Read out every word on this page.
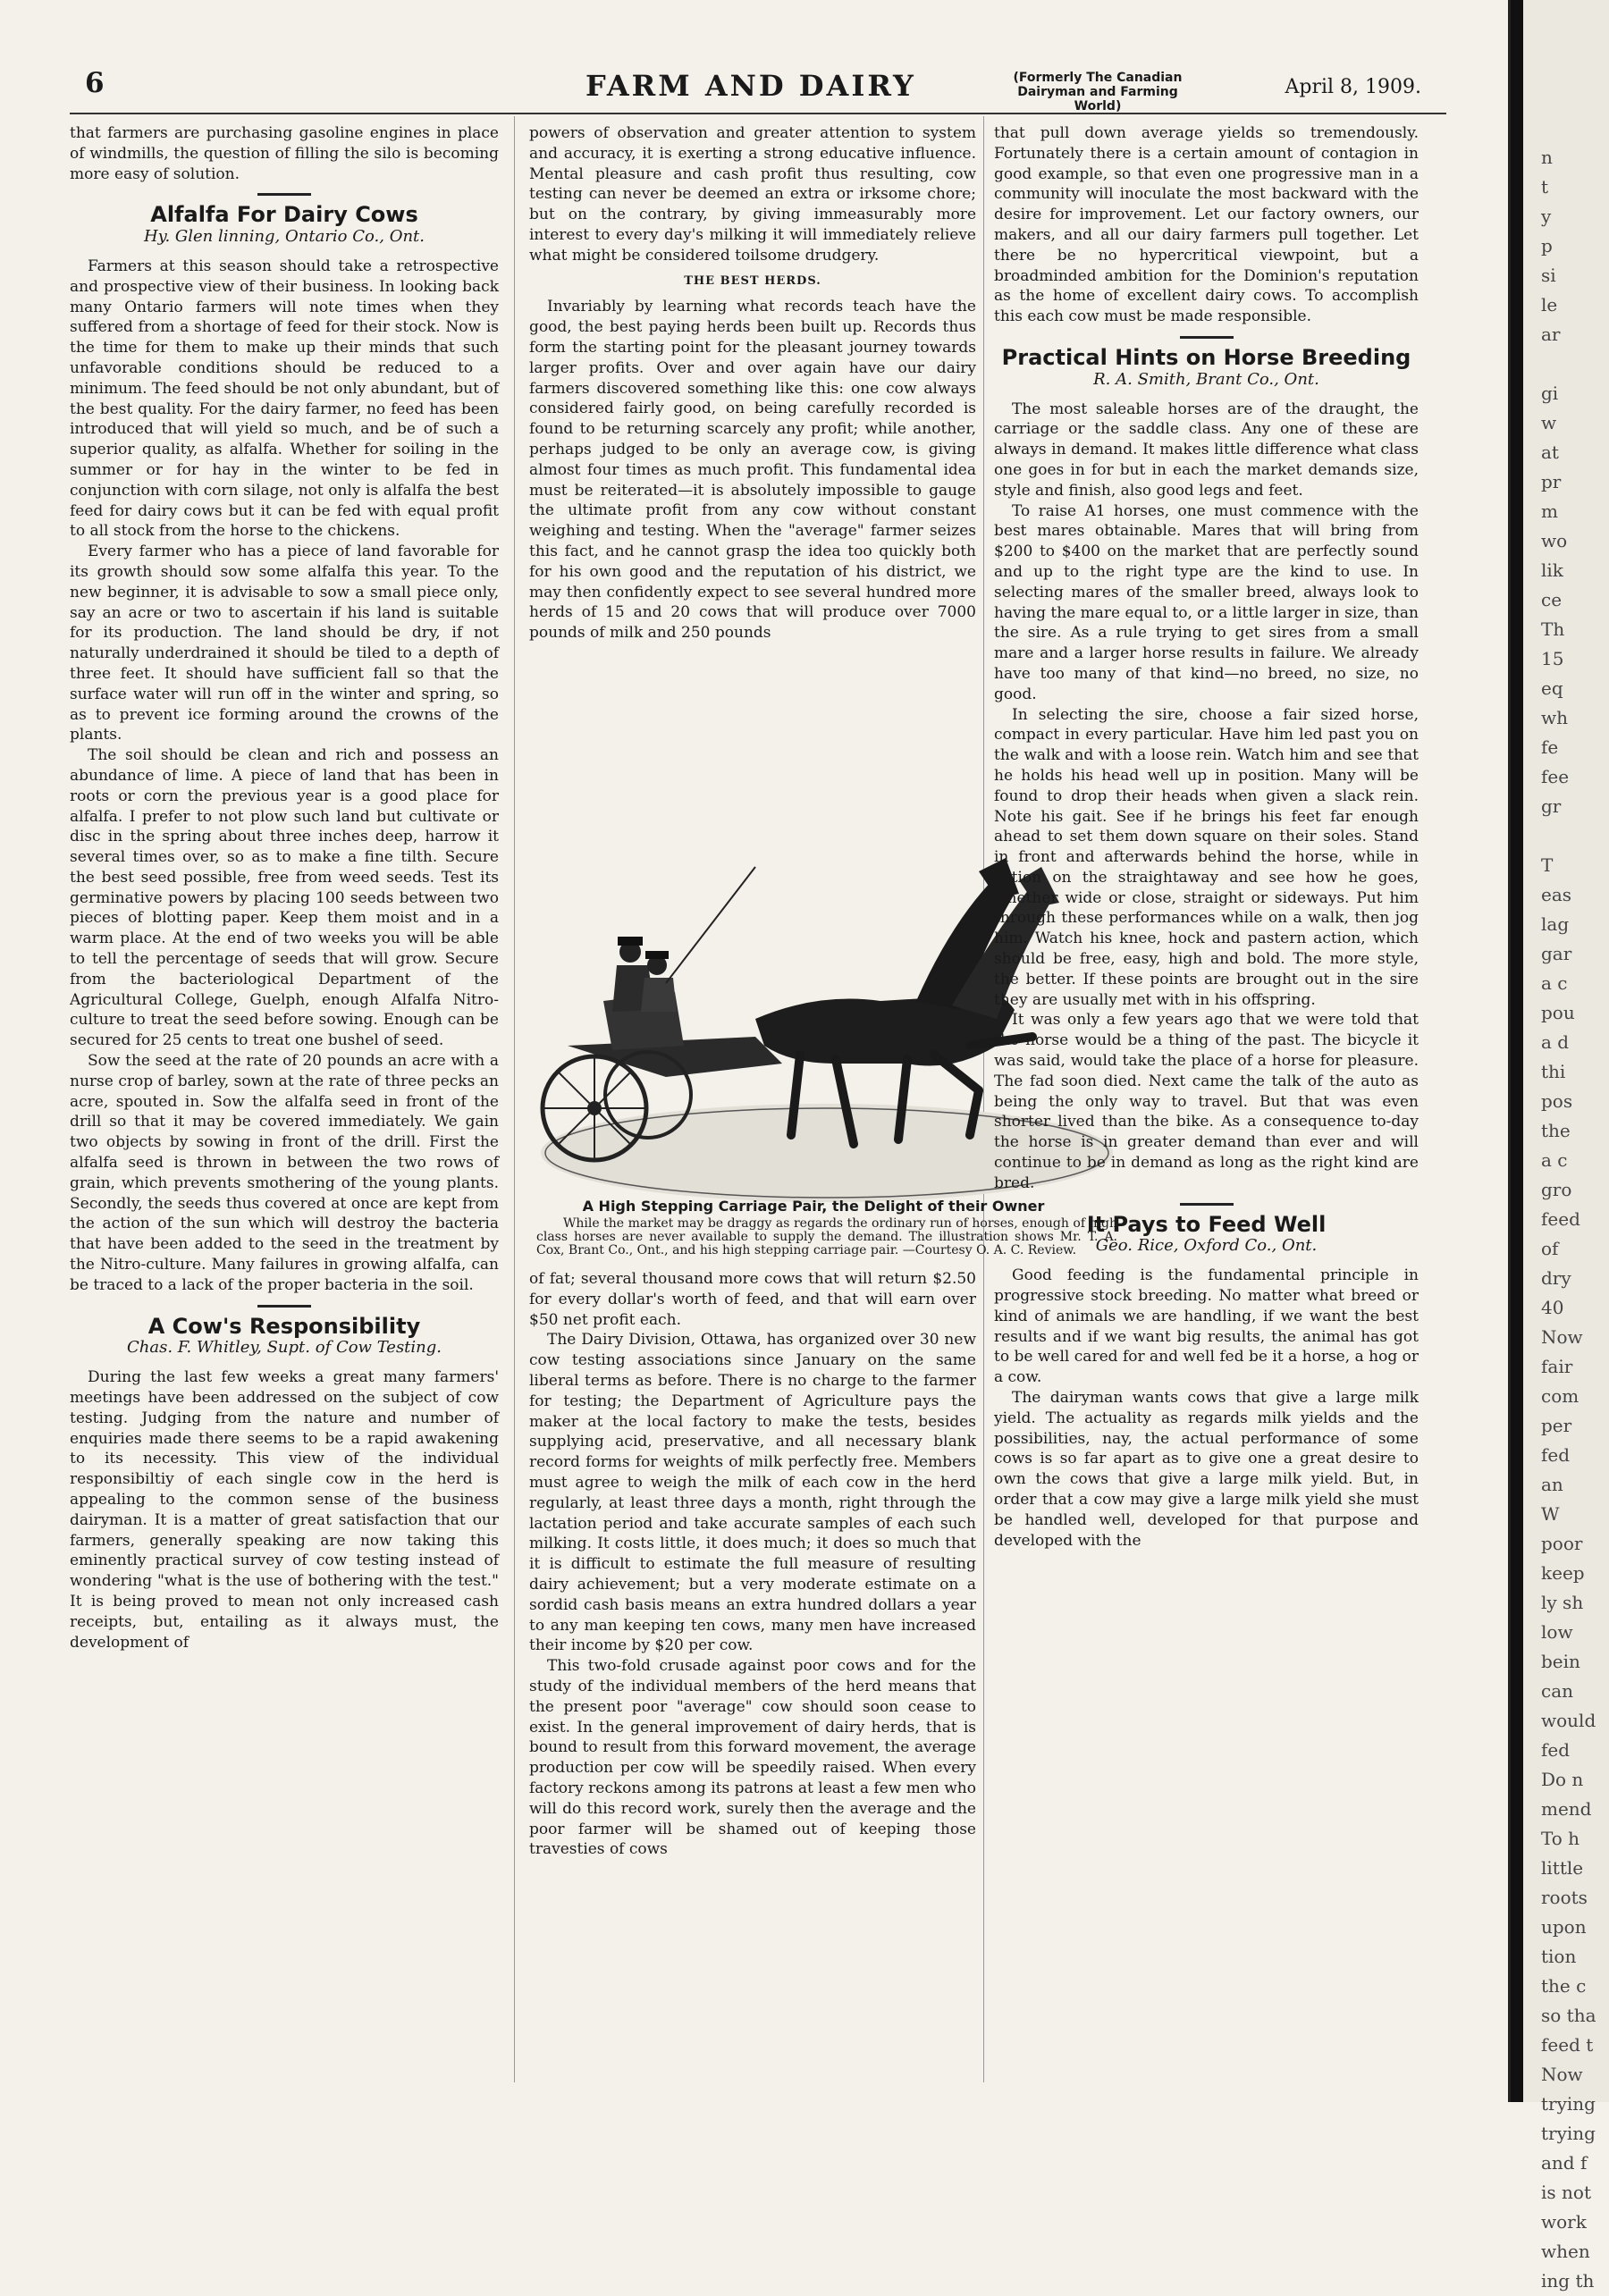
6	FARM AND DAIRY	(Formerly The Canadian Dairyman and Farming World)
April 8, 1909.

that farmers are purchasing gasoline engines in place of windmills, the question of filling the silo is becoming more easy of solution.

Alfalfa For Dairy Cows
Hy. Glen linning, Ontario Co., Ont.

Farmers at this season should take a retrospective and prospective view of their business. In looking back many Ontario farmers will note times when they suffered from a shortage of feed for their stock. Now is the time for them to make up their minds that such unfavorable conditions should be reduced to a minimum. The feed should be not only abundant, but of the best quality. For the dairy farmer, no feed has been introduced that will yield so much, and be of such a superior quality, as alfalfa. Whether for soiling in the summer or for hay in the winter to be fed in conjunction with corn silage, not only is alfalfa the best feed for dairy cows but it can be fed with equal profit to all stock from the horse to the chickens.

Every farmer who has a piece of land favorable for its growth should sow some alfalfa this year. To the new beginner, it is advisable to sow a small piece only, say an acre or two to ascertain if his land is suitable for its production. The land should be dry, if not naturally underdrained it should be tiled to a depth of three feet. It should have sufficient fall so that the surface water will run off in the winter and spring, so as to prevent ice forming around the crowns of the plants.

The soil should be clean and rich and possess an abundance of lime. A piece of land that has been in roots or corn the previous year is a good place for alfalfa. I prefer to not plow such land but cultivate or disc in the spring about three inches deep, harrow it several times over, so as to make a fine tilth. Secure the best seed possible, free from weed seeds. Test its germinative powers by placing 100 seeds between two pieces of blotting paper. Keep them moist and in a warm place. At the end of two weeks you will be able to tell the percentage of seeds that will grow. Secure from the bacteriological Department of the Agricultural College, Guelph, enough Alfalfa Nitro-culture to treat the seed before sowing. Enough can be secured for 25 cents to treat one bushel of seed.

Sow the seed at the rate of 20 pounds an acre with a nurse crop of barley, sown at the rate of three pecks an acre, spouted in. Sow the alfalfa seed in front of the drill so that it may be covered immediately. We gain two objects by sowing in front of the drill. First the alfalfa seed is thrown in between the two rows of grain, which prevents smothering of the young plants. Secondly, the seeds thus covered at once are kept from the action of the sun which will destroy the bacteria that have been added to the seed in the treatment by the Nitro-culture. Many failures in growing alfalfa, can be traced to a lack of the proper bacteria in the soil.

A Cow's Responsibility
Chas. F. Whitley, Supt. of Cow Testing.

During the last few weeks a great many farmers' meetings have been addressed on the subject of cow testing. Judging from the nature and number of enquiries made there seems to be a rapid awakening to its necessity. This view of the individual responsibiltiy of each single cow in the herd is appealing to the common sense of the business dairyman. It is a matter of great satisfaction that our farmers, generally speaking are now taking this eminently practical survey of cow testing instead of wondering "what is the use of bothering with the test." It is being proved to mean not only increased cash receipts, but, entailing as it always must, the development of

powers of observation and greater attention to system and accuracy, it is exerting a strong educative influence. Mental pleasure and cash profit thus resulting, cow testing can never be deemed an extra or irksome chore; but on the contrary, by giving immeasurably more interest to every day's milking it will immediately relieve what might be considered toilsome drudgery.

THE BEST HERDS.

Invariably by learning what records teach have the good, the best paying herds been built up. Records thus form the starting point for the pleasant journey towards larger profits. Over and over again have our dairy farmers discovered something like this: one cow always considered fairly good, on being carefully recorded is found to be returning scarcely any profit; while another, perhaps judged to be only an average cow, is giving almost four times as much profit. This fundamental idea must be reiterated—it is absolutely impossible to gauge the ultimate profit from any cow without constant weighing and testing. When the "average" farmer seizes this fact, and he cannot grasp the idea too quickly both for his own good and the reputation of his district, we may then confidently expect to see several hundred more herds of 15 and 20 cows that will produce over 7000 pounds of milk and 250 pounds

A High Stepping Carriage Pair, the Delight of their Owner
While the market may be draggy as regards the ordinary run of horses, enough of high class horses are never available to supply the demand. The illustration shows Mr. T. A. Cox, Brant Co., Ont., and his high stepping carriage pair. —Courtesy O. A. C. Review.

of fat; several thousand more cows that will return $2.50 for every dollar's worth of feed, and that will earn over $50 net profit each.

The Dairy Division, Ottawa, has organized over 30 new cow testing associations since January on the same liberal terms as before. There is no charge to the farmer for testing; the Department of Agriculture pays the maker at the local factory to make the tests, besides supplying acid, preservative, and all necessary blank record forms for weights of milk perfectly free. Members must agree to weigh the milk of each cow in the herd regularly, at least three days a month, right through the lactation period and take accurate samples of each such milking. It costs little, it does much; it does so much that it is difficult to estimate the full measure of resulting dairy achievement; but a very moderate estimate on a sordid cash basis means an extra hundred dollars a year to any man keeping ten cows, many men have increased their income by $20 per cow.

This two-fold crusade against poor cows and for the study of the individual members of the herd means that the present poor "average" cow should soon cease to exist. In the general improvement of dairy herds, that is bound to result from this forward movement, the average production per cow will be speedily raised. When every factory reckons among its patrons at least a few men who will do this record work, surely then the average and the poor farmer will be shamed out of keeping those travesties of cows

that pull down average yields so tremendously. Fortunately there is a certain amount of contagion in good example, so that even one progressive man in a community will inoculate the most backward with the desire for improvement. Let our factory owners, our makers, and all our dairy farmers pull together. Let there be no hypercritical viewpoint, but a broadminded ambition for the Dominion's reputation as the home of excellent dairy cows. To accomplish this each cow must be made responsible.

Practical Hints on Horse Breeding
R. A. Smith, Brant Co., Ont.

The most saleable horses are of the draught, the carriage or the saddle class. Any one of these are always in demand. It makes little difference what class one goes in for but in each the market demands size, style and finish, also good legs and feet.

To raise A1 horses, one must commence with the best mares obtainable. Mares that will bring from $200 to $400 on the market that are perfectly sound and up to the right type are the kind to use. In selecting mares of the smaller breed, always look to having the mare equal to, or a little larger in size, than the sire. As a rule trying to get sires from a small mare and a larger horse results in failure. We already have too many of that kind—no breed, no size, no good.

In selecting the sire, choose a fair sized horse, compact in every particular. Have him led past you on the walk and with a loose rein. Watch him and see that he holds his head well up in position. Many will be found to drop their heads when given a slack rein. Note his gait. See if he brings his feet far enough ahead to set them down square on their soles. Stand in front and afterwards behind the horse, while in action on the straightaway and see how he goes, whether wide or close, straight or sideways. Put him through these performances while on a walk, then jog him. Watch his knee, hock and pastern action, which should be free, easy, high and bold. The more style, the better. If these points are brought out in the sire they are usually met with in his offspring.

It was only a few years ago that we were told that the horse would be a thing of the past. The bicycle it was said, would take the place of a horse for pleasure. The fad soon died. Next came the talk of the auto as being the only way to travel. But that was even shorter lived than the bike. As a consequence to-day the horse is in greater demand than ever and will continue to be in demand as long as the right kind are bred.

It Pays to Feed Well
Geo. Rice, Oxford Co., Ont.

Good feeding is the fundamental principle in progressive stock breeding. No matter what breed or kind of animals we are handling, if we want the best results and if we want big results, the animal has got to be well cared for and well fed be it a horse, a hog or a cow.

The dairyman wants cows that give a large milk yield. The actuality as regards milk yields and the possibilities, nay, the actual performance of some cows is so far apart as to give one a great desire to own the cows that give a large milk yield. But, in order that a cow may give a large milk yield she must be handled well, developed for that purpose and developed with the

n
t
y
p
si
le
ar

gi
w
at
pr
m
wo
lik
ce
Th
15
eq
wh
fe
fee
gr

T
eas
lag
gar
a c
pou
a d
thi
pos
the
a c
gro
feed
of
dry
40
Now
fair
com
per
fed
an
W
poor
keep
ly sh
low
bein
can
would
fed
Do n
mend
To h
little
roots
upon
tion
the c
so tha
feed t
Now
trying
trying
and f
is not
work
when
ing th
